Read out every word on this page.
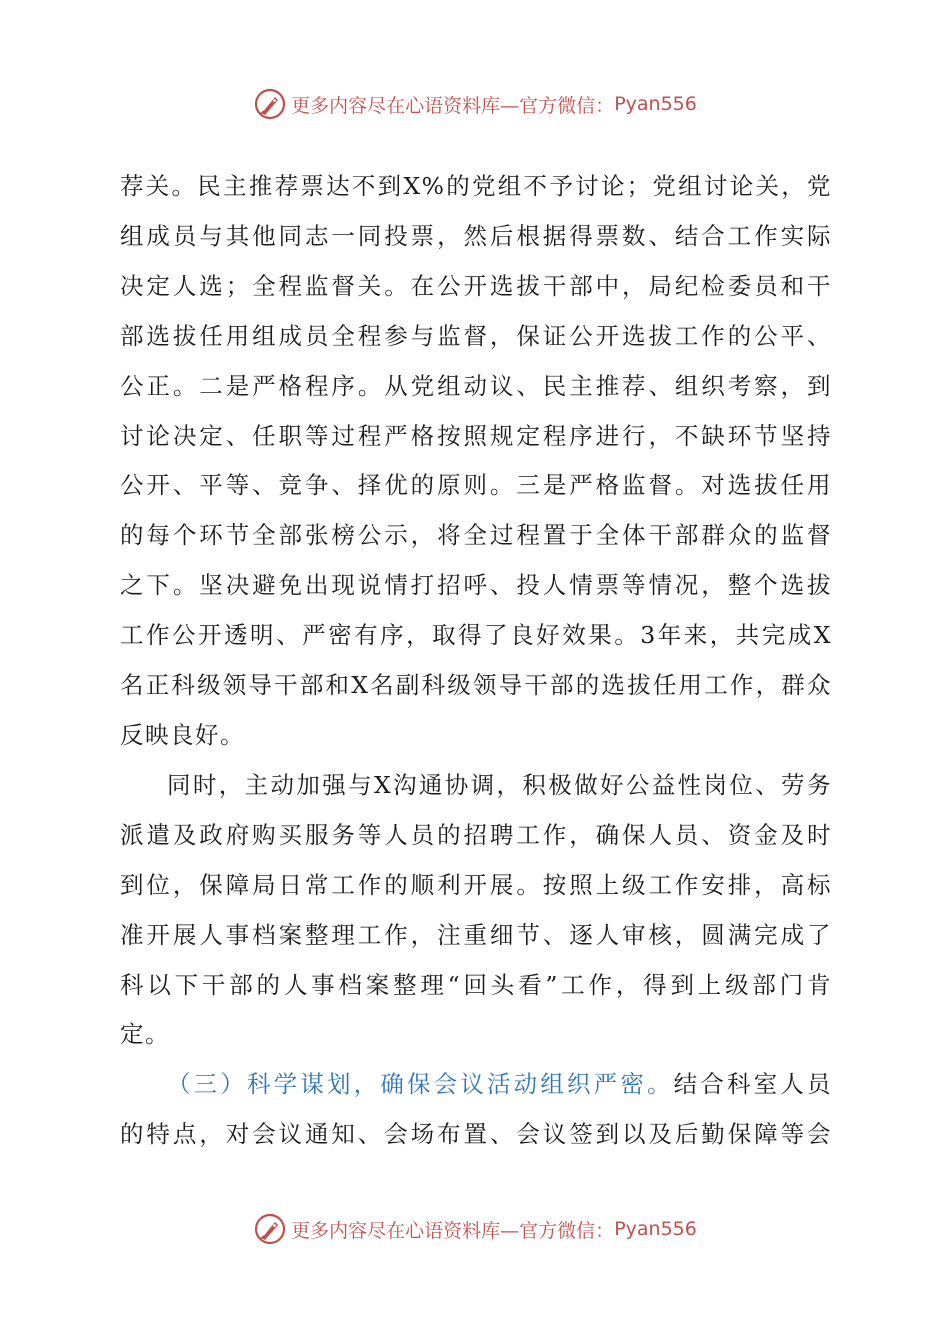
更多内容尽在心语资料库— 官方微信： Pyan556

荐关。民主推荐票达不到X%的党组不予讨论；党组讨论关，党
组成员与其他同志一同投票，然后根据得票数、结合工作实际
决定人选；全程监督关。在公开选拔干部中，局纪检委员和干
部选拔任用组成员全程参与监督，保证公开选拔工作的公平、
公正。二是严格程序。从党组动议、民主推荐、组织考察，到
讨论决定、任职等过程严格按照规定程序进行，不缺环节坚持
公开、平等、竞争、择优的原则。三是严格监督。对选拔任用
的每个环节全部张榜公示，将全过程置于全体干部群众的监督
之下。坚决避免出现说情打招呼、投人情票等情况，整个选拔
工作公开透明、严密有序，取得了良好效果。3年来，共完成X
名正科级领导干部和X名副科级领导干部的选拔任用工作，群众
反映良好。

同时，主动加强与X沟通协调，积极做好公益性岗位、劳务
派遣及政府购买服务等人员的招聘工作，确保人员、资金及时
到位，保障局日常工作的顺利开展。按照上级工作安排，高标
准开展人事档案整理工作，注重细节、逐人审核，圆满完成了
科以下干部的人事档案整理“回头看”工作，得到上级部门肯
定。

（三）科学谋划，确保会议活动组织严密。结合科室人员
的特点，对会议通知、会场布置、会议签到以及后勤保障等会

更多内容尽在心语资料库— 官方微信： Pyan556
